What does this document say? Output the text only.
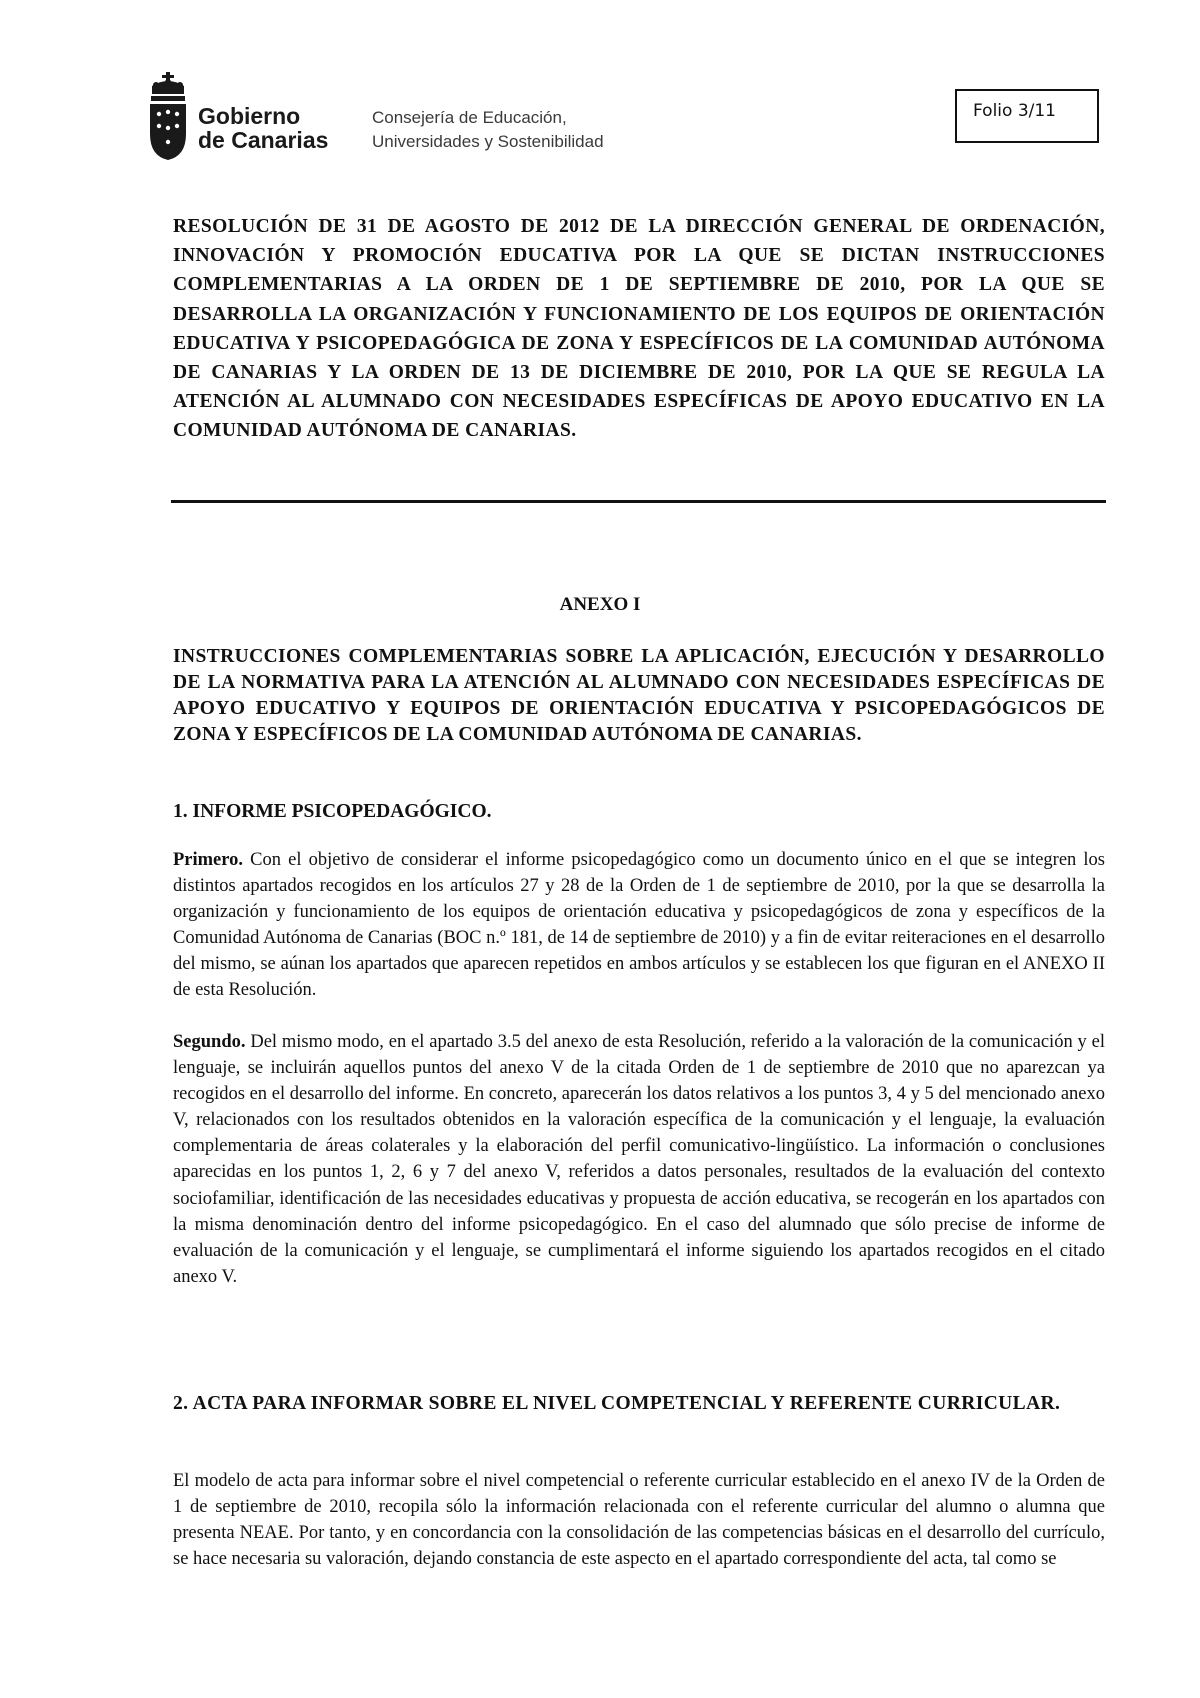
Gobierno
de Canarias
Consejería de Educación,
Universidades y Sostenibilidad
Folio 3/11
RESOLUCIÓN DE 31 DE AGOSTO DE 2012 DE LA DIRECCIÓN GENERAL DE ORDENACIÓN, INNOVACIÓN Y PROMOCIÓN EDUCATIVA POR LA QUE SE DICTAN INSTRUCCIONES COMPLEMENTARIAS A LA ORDEN DE 1 DE SEPTIEMBRE DE 2010, POR LA QUE SE DESARROLLA LA ORGANIZACIÓN Y FUNCIONAMIENTO DE LOS EQUIPOS DE ORIENTACIÓN EDUCATIVA Y PSICOPEDAGÓGICA DE ZONA Y ESPECÍFICOS DE LA COMUNIDAD AUTÓNOMA DE CANARIAS Y LA ORDEN DE 13 DE DICIEMBRE DE 2010, POR LA QUE SE REGULA LA ATENCIÓN AL ALUMNADO CON NECESIDADES ESPECÍFICAS DE APOYO EDUCATIVO EN LA COMUNIDAD AUTÓNOMA DE CANARIAS.
ANEXO I
INSTRUCCIONES COMPLEMENTARIAS SOBRE LA APLICACIÓN, EJECUCIÓN Y DESARROLLO DE LA NORMATIVA PARA LA ATENCIÓN AL ALUMNADO CON NECESIDADES ESPECÍFICAS DE APOYO EDUCATIVO Y EQUIPOS DE ORIENTACIÓN EDUCATIVA Y PSICOPEDAGÓGICOS DE ZONA Y ESPECÍFICOS DE LA COMUNIDAD AUTÓNOMA DE CANARIAS.
1. INFORME PSICOPEDAGÓGICO.
Primero. Con el objetivo de considerar el informe psicopedagógico como un documento único en el que se integren los distintos apartados recogidos en los artículos 27 y 28 de la Orden de 1 de septiembre de 2010, por la que se desarrolla la organización y funcionamiento de los equipos de orientación educativa y psicopedagógicos de zona y específicos de la Comunidad Autónoma de Canarias (BOC n.º 181, de 14 de septiembre de 2010) y a fin de evitar reiteraciones en el desarrollo del mismo, se aúnan los apartados que aparecen repetidos en ambos artículos y se establecen los que figuran en el ANEXO II de esta Resolución.
Segundo. Del mismo modo, en el apartado 3.5 del anexo de esta Resolución, referido a la valoración de la comunicación y el lenguaje, se incluirán aquellos puntos del anexo V de la citada Orden de 1 de septiembre de 2010 que no aparezcan ya recogidos en el desarrollo del informe. En concreto, aparecerán los datos relativos a los puntos 3, 4 y 5 del mencionado anexo V, relacionados con los resultados obtenidos en la valoración específica de la comunicación y el lenguaje, la evaluación complementaria de áreas colaterales y la elaboración del perfil comunicativo-lingüístico. La información o conclusiones aparecidas en los puntos 1, 2, 6 y 7 del anexo V, referidos a datos personales, resultados de la evaluación del contexto sociofamiliar, identificación de las necesidades educativas y propuesta de acción educativa, se recogerán en los apartados con la misma denominación dentro del informe psicopedagógico. En el caso del alumnado que sólo precise de informe de evaluación de la comunicación y el lenguaje, se cumplimentará el informe siguiendo los apartados recogidos en el citado anexo V.
2. ACTA PARA INFORMAR SOBRE EL NIVEL COMPETENCIAL Y REFERENTE CURRICULAR.
El modelo de acta para informar sobre el nivel competencial o referente curricular establecido en el anexo IV de la Orden de 1 de septiembre de 2010, recopila sólo la información relacionada con el referente curricular del alumno o alumna que presenta NEAE. Por tanto, y en concordancia con la consolidación de las competencias básicas en el desarrollo del currículo, se hace necesaria su valoración, dejando constancia de este aspecto en el apartado correspondiente del acta, tal como se
